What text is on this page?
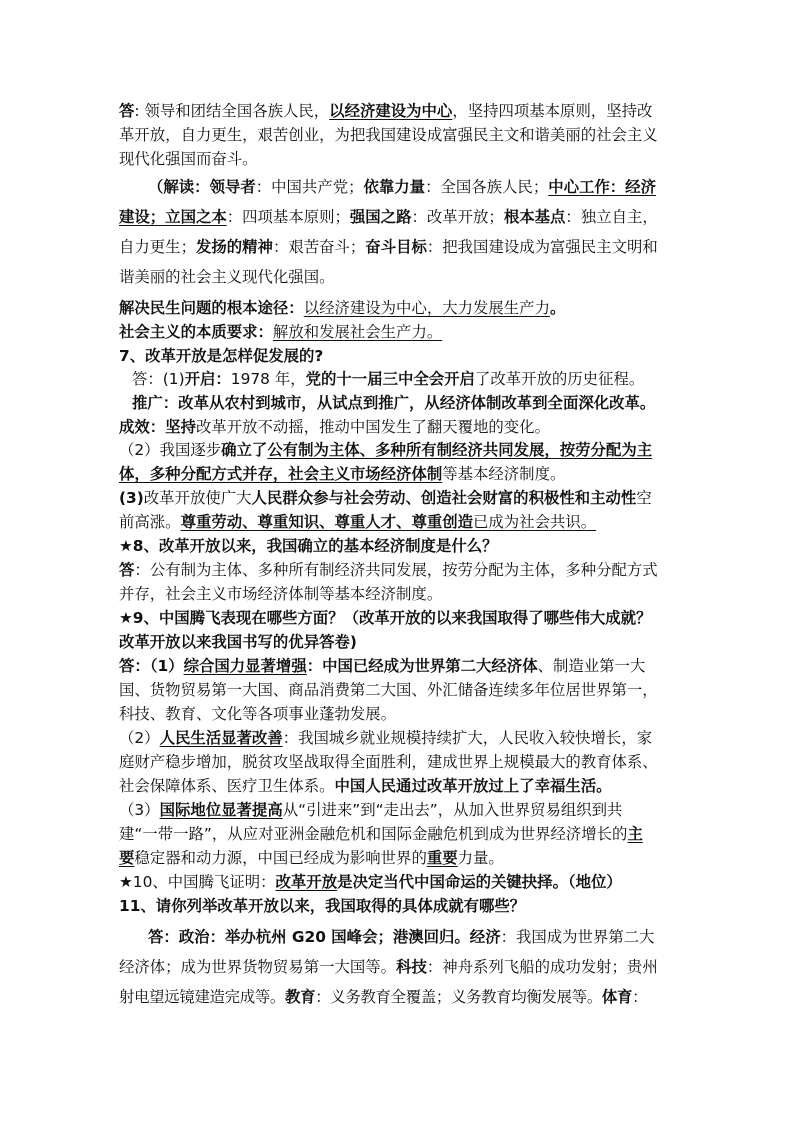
答: 领导和团结全国各族人民，以经济建设为中心，坚持四项基本原则，坚持改
革开放，自力更生，艰苦创业，为把我国建设成富强民主文和谐美丽的社会主义
现代化强国而奋斗。
（解读：领导者：中国共产党；依靠力量：全国各族人民；中心工作：经济
建设；立国之本：四项基本原则；强国之路：改革开放；根本基点：独立自主，
自力更生；发扬的精神：艰苦奋斗；奋斗目标：把我国建设成为富强民主文明和
谐美丽的社会主义现代化强国。
解决民生问题的根本途径：以经济建设为中心，大力发展生产力。
社会主义的本质要求：解放和发展社会生产力。
7、改革开放是怎样促发展的?
答：(1)开启：1978 年，党的十一届三中全会开启了改革开放的历史征程。
推广：改革从农村到城市，从试点到推广，从经济体制改革到全面深化改革。
成效：坚持改革开放不动摇，推动中国发生了翻天覆地的变化。
（2）我国逐步确立了公有制为主体、多种所有制经济共同发展，按劳分配为主
体，多种分配方式并存，社会主义市场经济体制等基本经济制度。
(3)改革开放使广大人民群众参与社会劳动、创造社会财富的积极性和主动性空
前高涨。尊重劳动、尊重知识、尊重人才、尊重创造已成为社会共识。
★8、改革开放以来，我国确立的基本经济制度是什么？
答：公有制为主体、多种所有制经济共同发展，按劳分配为主体，多种分配方式
并存，社会主义市场经济体制等基本经济制度。
★9、中国腾飞表现在哪些方面？（改革开放的以来我国取得了哪些伟大成就？
改革开放以来我国书写的优异答卷)
答：（1）综合国力显著增强：中国已经成为世界第二大经济体、制造业第一大
国、货物贸易第一大国、商品消费第二大国、外汇储备连续多年位居世界第一，
科技、教育、文化等各项事业蓬勃发展。
（2）人民生活显著改善：我国城乡就业规模持续扩大，人民收入较快增长，家
庭财产稳步增加，脱贫攻坚战取得全面胜利，建成世界上规模最大的教育体系、
社会保障体系、医疗卫生体系。中国人民通过改革开放过上了幸福生活。
（3）国际地位显著提高从“引进来”到“走出去”，从加入世界贸易组织到共
建“一带一路”，从应对亚洲金融危机和国际金融危机到成为世界经济增长的主
要稳定器和动力源，中国已经成为影响世界的重要力量。
★10、中国腾飞证明：改革开放是决定当代中国命运的关键抉择。（地位）
11、请你列举改革开放以来，我国取得的具体成就有哪些？
答：政治：举办杭州 G20 国峰会；港澳回归。经济：我国成为世界第二大
经济体；成为世界货物贸易第一大国等。科技：神舟系列飞船的成功发射；贵州
射电望远镜建造完成等。教育：义务教育全覆盖；义务教育均衡发展等。体育：
